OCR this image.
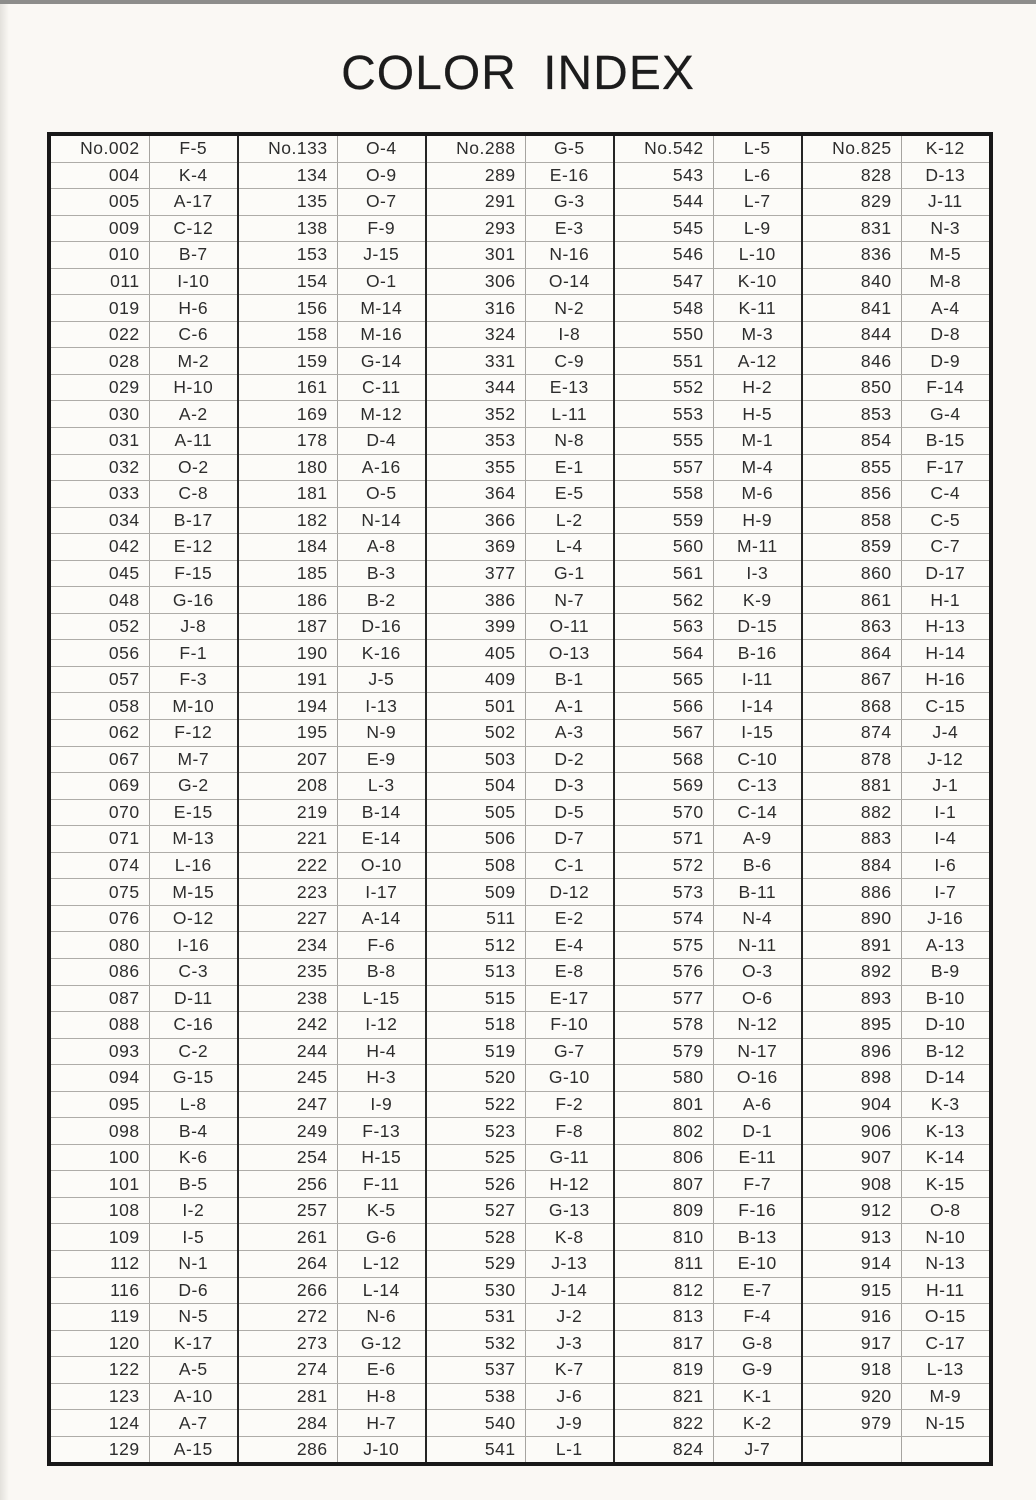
COLOR INDEX
No.002	F-5
004	K-4
005	A-17
009	C-12
010	B-7
011	I-10
019	H-6
022	C-6
028	M-2
029	H-10
030	A-2
031	A-11
032	O-2
033	C-8
034	B-17
042	E-12
045	F-15
048	G-16
052	J-8
056	F-1
057	F-3
058	M-10
062	F-12
067	M-7
069	G-2
070	E-15
071	M-13
074	L-16
075	M-15
076	O-12
080	I-16
086	C-3
087	D-11
088	C-16
093	C-2
094	G-15
095	L-8
098	B-4
100	K-6
101	B-5
108	I-2
109	I-5
112	N-1
116	D-6
119	N-5
120	K-17
122	A-5
123	A-10
124	A-7
129	A-15
No.133	O-4
134	O-9
135	O-7
138	F-9
153	J-15
154	O-1
156	M-14
158	M-16
159	G-14
161	C-11
169	M-12
178	D-4
180	A-16
181	O-5
182	N-14
184	A-8
185	B-3
186	B-2
187	D-16
190	K-16
191	J-5
194	I-13
195	N-9
207	E-9
208	L-3
219	B-14
221	E-14
222	O-10
223	I-17
227	A-14
234	F-6
235	B-8
238	L-15
242	I-12
244	H-4
245	H-3
247	I-9
249	F-13
254	H-15
256	F-11
257	K-5
261	G-6
264	L-12
266	L-14
272	N-6
273	G-12
274	E-6
281	H-8
284	H-7
286	J-10
No.288	G-5
289	E-16
291	G-3
293	E-3
301	N-16
306	O-14
316	N-2
324	I-8
331	C-9
344	E-13
352	L-11
353	N-8
355	E-1
364	E-5
366	L-2
369	L-4
377	G-1
386	N-7
399	O-11
405	O-13
409	B-1
501	A-1
502	A-3
503	D-2
504	D-3
505	D-5
506	D-7
508	C-1
509	D-12
511	E-2
512	E-4
513	E-8
515	E-17
518	F-10
519	G-7
520	G-10
522	F-2
523	F-8
525	G-11
526	H-12
527	G-13
528	K-8
529	J-13
530	J-14
531	J-2
532	J-3
537	K-7
538	J-6
540	J-9
541	L-1
No.542	L-5
543	L-6
544	L-7
545	L-9
546	L-10
547	K-10
548	K-11
550	M-3
551	A-12
552	H-2
553	H-5
555	M-1
557	M-4
558	M-6
559	H-9
560	M-11
561	I-3
562	K-9
563	D-15
564	B-16
565	I-11
566	I-14
567	I-15
568	C-10
569	C-13
570	C-14
571	A-9
572	B-6
573	B-11
574	N-4
575	N-11
576	O-3
577	O-6
578	N-12
579	N-17
580	O-16
801	A-6
802	D-1
806	E-11
807	F-7
809	F-16
810	B-13
811	E-10
812	E-7
813	F-4
817	G-8
819	G-9
821	K-1
822	K-2
824	J-7
No.825	K-12
828	D-13
829	J-11
831	N-3
836	M-5
840	M-8
841	A-4
844	D-8
846	D-9
850	F-14
853	G-4
854	B-15
855	F-17
856	C-4
858	C-5
859	C-7
860	D-17
861	H-1
863	H-13
864	H-14
867	H-16
868	C-15
874	J-4
878	J-12
881	J-1
882	I-1
883	I-4
884	I-6
886	I-7
890	J-16
891	A-13
892	B-9
893	B-10
895	D-10
896	B-12
898	D-14
904	K-3
906	K-13
907	K-14
908	K-15
912	O-8
913	N-10
914	N-13
915	H-11
916	O-15
917	C-17
918	L-13
920	M-9
979	N-15
